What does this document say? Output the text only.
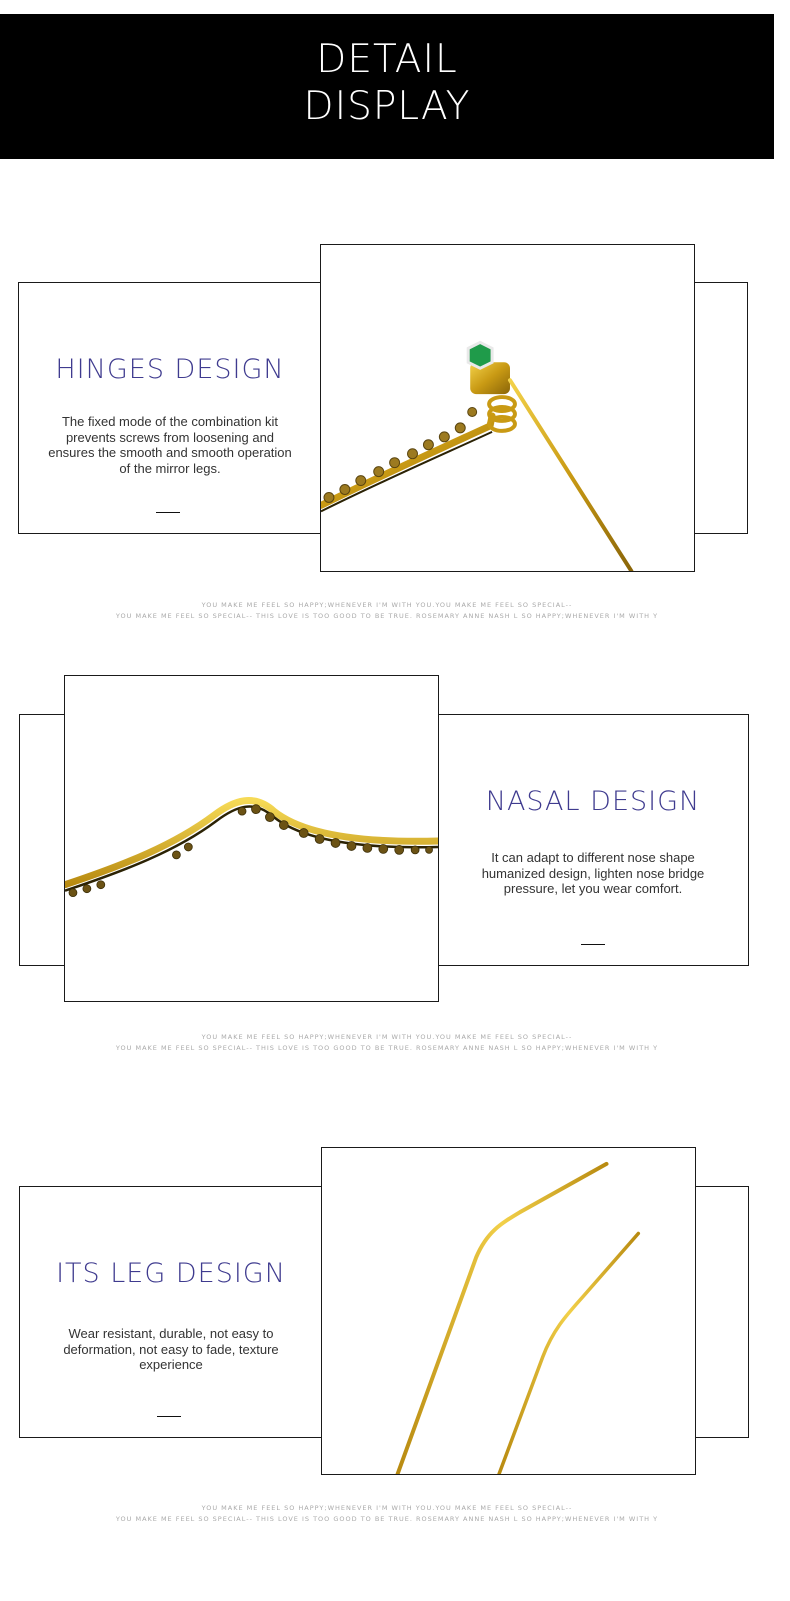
DETAIL
DISPLAY
HINGES DESIGN
The fixed mode of the combination kit prevents screws from loosening and ensures the smooth and smooth operation of the mirror legs.
YOU MAKE ME FEEL SO HAPPY;WHENEVER I'M WITH YOU.YOU MAKE ME FEEL SO SPECIAL--
YOU MAKE ME FEEL SO SPECIAL-- THIS LOVE IS TOO GOOD TO BE TRUE. ROSEMARY ANNE NASH L SO HAPPY;WHENEVER I'M WITH Y
NASAL DESIGN
It can adapt to different nose shape humanized design, lighten nose bridge pressure, let you wear comfort.
YOU MAKE ME FEEL SO HAPPY;WHENEVER I'M WITH YOU.YOU MAKE ME FEEL SO SPECIAL--
YOU MAKE ME FEEL SO SPECIAL-- THIS LOVE IS TOO GOOD TO BE TRUE. ROSEMARY ANNE NASH L SO HAPPY;WHENEVER I'M WITH Y
ITS LEG DESIGN
Wear resistant, durable, not easy to deformation, not easy to fade, texture experience
YOU MAKE ME FEEL SO HAPPY;WHENEVER I'M WITH YOU.YOU MAKE ME FEEL SO SPECIAL--
YOU MAKE ME FEEL SO SPECIAL-- THIS LOVE IS TOO GOOD TO BE TRUE. ROSEMARY ANNE NASH L SO HAPPY;WHENEVER I'M WITH Y
